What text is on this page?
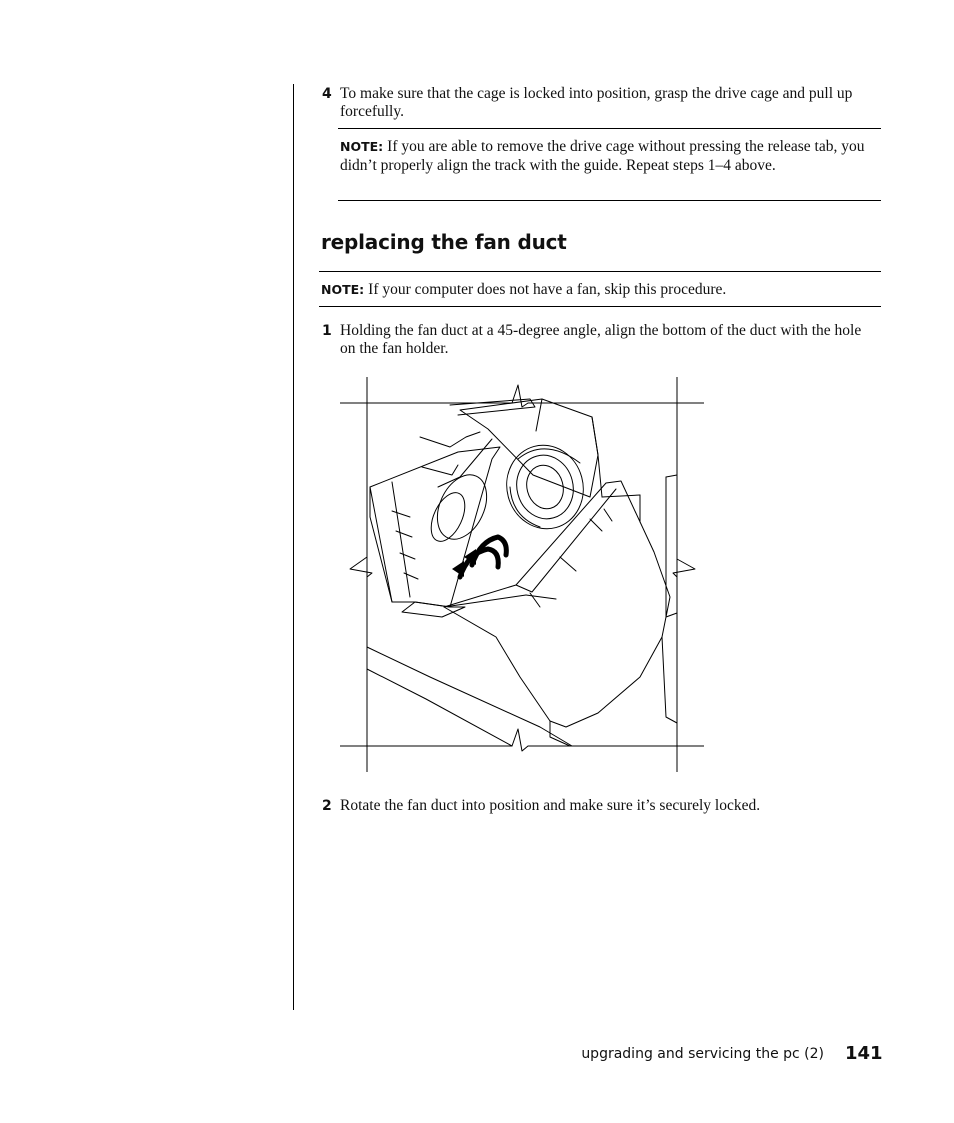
4 To make sure that the cage is locked into position, grasp the drive cage and pull up forcefully.
NOTE: If you are able to remove the drive cage without pressing the release tab, you didn’t properly align the track with the guide. Repeat steps 1–4 above.
replacing the fan duct
NOTE: If your computer does not have a fan, skip this procedure.
1 Holding the fan duct at a 45-degree angle, align the bottom of the duct with the hole on the fan holder.
2 Rotate the fan duct into position and make sure it’s securely locked.
upgrading and servicing the pc (2) 141
